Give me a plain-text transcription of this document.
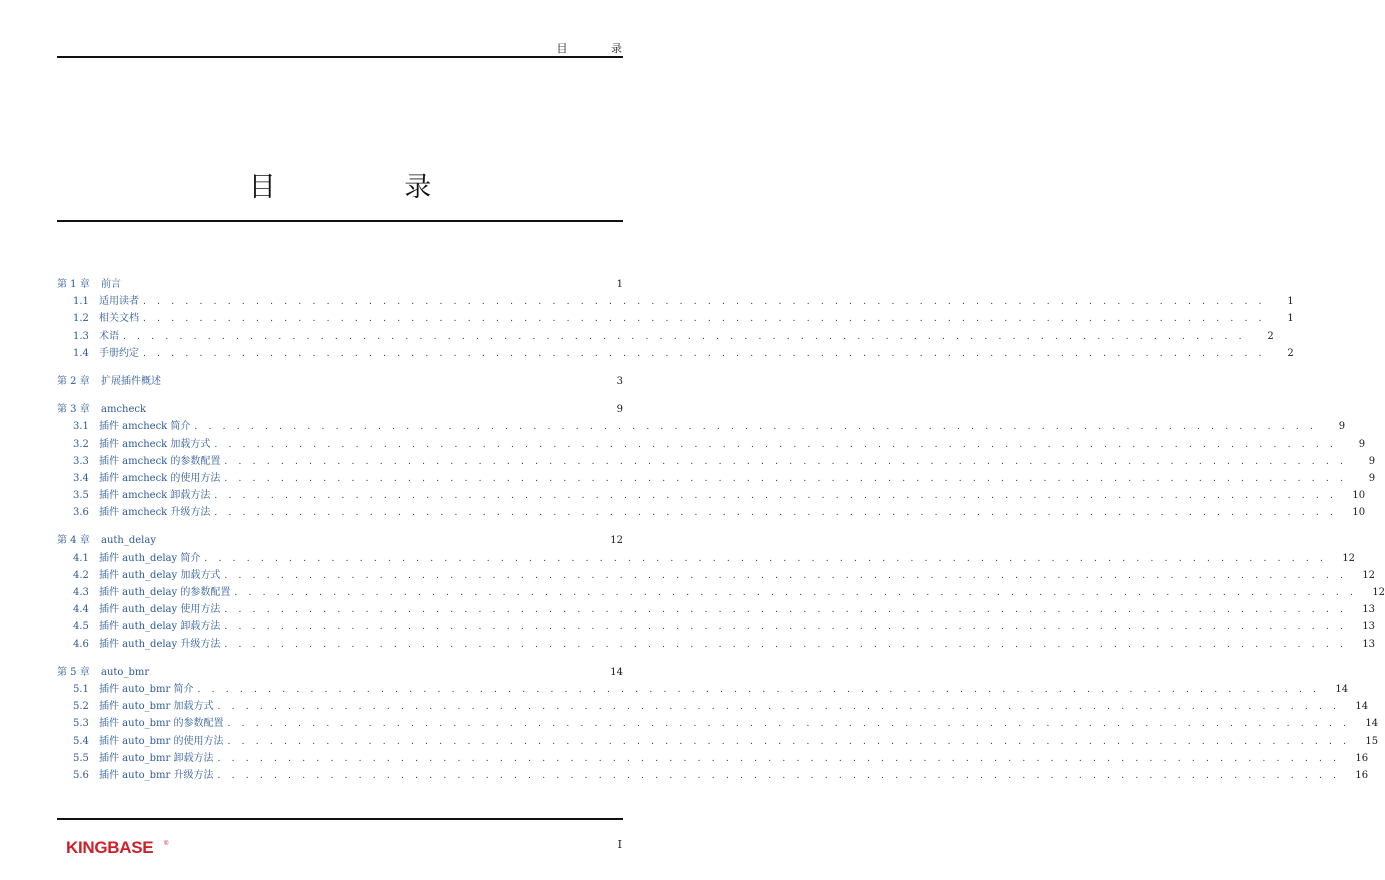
目 录
目 录
第 1 章	前言	1
1.1	适用读者 . . . . . . . . . . . . . . . . . . . . . . . . . . . . . . . . . . . . . . . . . . . . . . . . . . . . . . . . . . . . . . . . . . . . . . . . . . . . . . . .	1
1.2	相关文档 . . . . . . . . . . . . . . . . . . . . . . . . . . . . . . . . . . . . . . . . . . . . . . . . . . . . . . . . . . . . . . . . . . . . . . . . . . . . . . . .	1
1.3	术语 . . . . . . . . . . . . . . . . . . . . . . . . . . . . . . . . . . . . . . . . . . . . . . . . . . . . . . . . . . . . . . . . . . . . . . . . . . . . . . . .	2
1.4	手册约定 . . . . . . . . . . . . . . . . . . . . . . . . . . . . . . . . . . . . . . . . . . . . . . . . . . . . . . . . . . . . . . . . . . . . . . . . . . . . . . . .	2
第 2 章	扩展插件概述	3
第 3 章	amcheck	9
3.1	插件 amcheck 简介 . . . . . . . . . . . . . . . . . . . . . . . . . . . . . . . . . . . . . . . . . . . . . . . . . . . . . . . . . . . . . . . . . . . . . . . . . . . . . . . .	9
3.2	插件 amcheck 加载方式 . . . . . . . . . . . . . . . . . . . . . . . . . . . . . . . . . . . . . . . . . . . . . . . . . . . . . . . . . . . . . . . . . . . . . . . . . . . . . . . .	9
3.3	插件 amcheck 的参数配置 . . . . . . . . . . . . . . . . . . . . . . . . . . . . . . . . . . . . . . . . . . . . . . . . . . . . . . . . . . . . . . . . . . . . . . . . . . . . . . . .	9
3.4	插件 amcheck 的使用方法 . . . . . . . . . . . . . . . . . . . . . . . . . . . . . . . . . . . . . . . . . . . . . . . . . . . . . . . . . . . . . . . . . . . . . . . . . . . . . . . .	9
3.5	插件 amcheck 卸载方法 . . . . . . . . . . . . . . . . . . . . . . . . . . . . . . . . . . . . . . . . . . . . . . . . . . . . . . . . . . . . . . . . . . . . . . . . . . . . . . . .	10
3.6	插件 amcheck 升级方法 . . . . . . . . . . . . . . . . . . . . . . . . . . . . . . . . . . . . . . . . . . . . . . . . . . . . . . . . . . . . . . . . . . . . . . . . . . . . . . . .	10
第 4 章	auth_delay	12
4.1	插件 auth_delay 简介 . . . . . . . . . . . . . . . . . . . . . . . . . . . . . . . . . . . . . . . . . . . . . . . . . . . . . . . . . . . . . . . . . . . . . . . . . . . . . . . .	12
4.2	插件 auth_delay 加载方式 . . . . . . . . . . . . . . . . . . . . . . . . . . . . . . . . . . . . . . . . . . . . . . . . . . . . . . . . . . . . . . . . . . . . . . . . . . . . . . . .	12
4.3	插件 auth_delay 的参数配置 . . . . . . . . . . . . . . . . . . . . . . . . . . . . . . . . . . . . . . . . . . . . . . . . . . . . . . . . . . . . . . . . . . . . . . . . . . . . . . . .	12
4.4	插件 auth_delay 使用方法 . . . . . . . . . . . . . . . . . . . . . . . . . . . . . . . . . . . . . . . . . . . . . . . . . . . . . . . . . . . . . . . . . . . . . . . . . . . . . . . .	13
4.5	插件 auth_delay 卸载方法 . . . . . . . . . . . . . . . . . . . . . . . . . . . . . . . . . . . . . . . . . . . . . . . . . . . . . . . . . . . . . . . . . . . . . . . . . . . . . . . .	13
4.6	插件 auth_delay 升级方法 . . . . . . . . . . . . . . . . . . . . . . . . . . . . . . . . . . . . . . . . . . . . . . . . . . . . . . . . . . . . . . . . . . . . . . . . . . . . . . . .	13
第 5 章	auto_bmr	14
5.1	插件 auto_bmr 简介 . . . . . . . . . . . . . . . . . . . . . . . . . . . . . . . . . . . . . . . . . . . . . . . . . . . . . . . . . . . . . . . . . . . . . . . . . . . . . . . .	14
5.2	插件 auto_bmr 加载方式 . . . . . . . . . . . . . . . . . . . . . . . . . . . . . . . . . . . . . . . . . . . . . . . . . . . . . . . . . . . . . . . . . . . . . . . . . . . . . . . .	14
5.3	插件 auto_bmr 的参数配置 . . . . . . . . . . . . . . . . . . . . . . . . . . . . . . . . . . . . . . . . . . . . . . . . . . . . . . . . . . . . . . . . . . . . . . . . . . . . . . . .	14
5.4	插件 auto_bmr 的使用方法 . . . . . . . . . . . . . . . . . . . . . . . . . . . . . . . . . . . . . . . . . . . . . . . . . . . . . . . . . . . . . . . . . . . . . . . . . . . . . . . .	15
5.5	插件 auto_bmr 卸载方法 . . . . . . . . . . . . . . . . . . . . . . . . . . . . . . . . . . . . . . . . . . . . . . . . . . . . . . . . . . . . . . . . . . . . . . . . . . . . . . . .	16
5.6	插件 auto_bmr 升级方法 . . . . . . . . . . . . . . . . . . . . . . . . . . . . . . . . . . . . . . . . . . . . . . . . . . . . . . . . . . . . . . . . . . . . . . . . . . . . . . . .	16
KINGBASE ®	I
